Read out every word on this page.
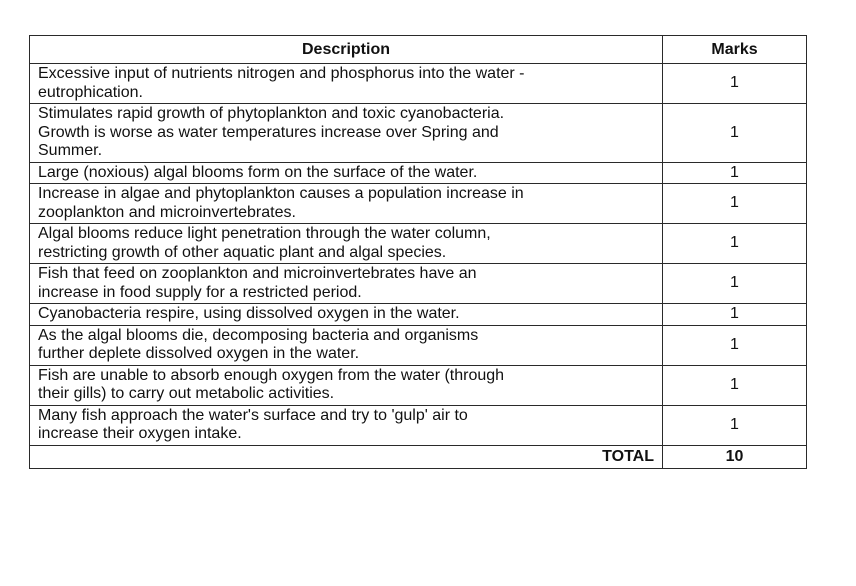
Description	Marks
Excessive input of nutrients nitrogen and phosphorus into the water -
eutrophication.	1
Stimulates rapid growth of phytoplankton and toxic cyanobacteria.
Growth is worse as water temperatures increase over Spring and
Summer.	1
Large (noxious) algal blooms form on the surface of the water.	1
Increase in algae and phytoplankton causes a population increase in
zooplankton and microinvertebrates.	1
Algal blooms reduce light penetration through the water column,
restricting growth of other aquatic plant and algal species.	1
Fish that feed on zooplankton and microinvertebrates have an
increase in food supply for a restricted period.	1
Cyanobacteria respire, using dissolved oxygen in the water.	1
As the algal blooms die, decomposing bacteria and organisms
further deplete dissolved oxygen in the water.	1
Fish are unable to absorb enough oxygen from the water (through
their gills) to carry out metabolic activities.	1
Many fish approach the water's surface and try to 'gulp' air to
increase their oxygen intake.	1
TOTAL	10
